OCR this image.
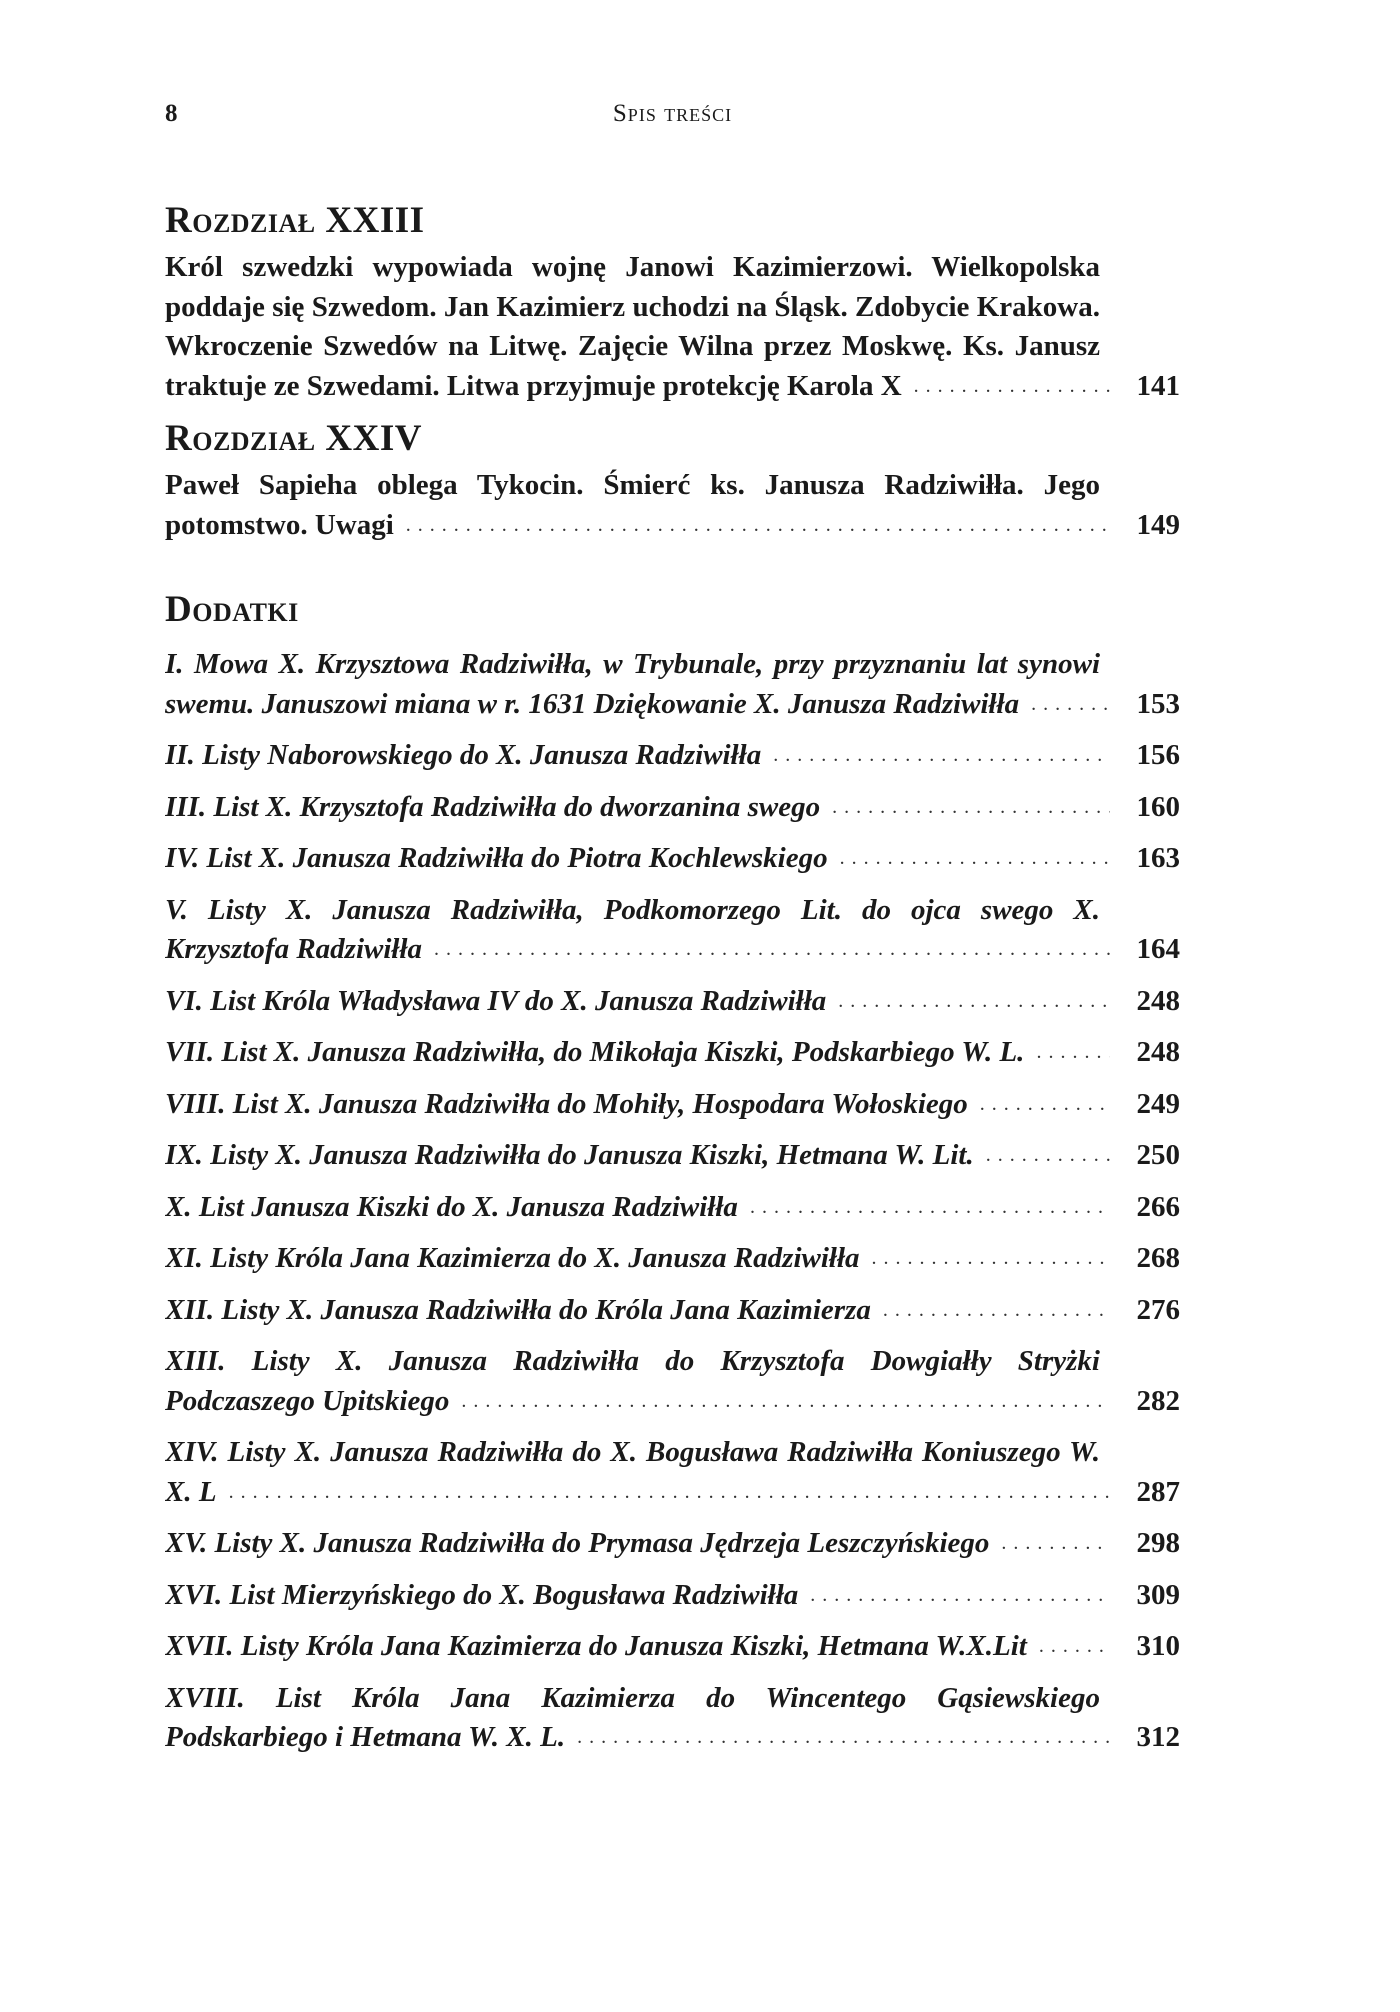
8	Spis treści
Rozdział XXIII
Król szwedzki wypowiada wojnę Janowi Kazimierzowi. Wielkopolska poddaje się Szwedom. Jan Kazimierz uchodzi na Śląsk. Zdobycie Krakowa. Wkroczenie Szwedów na Litwę. Zajęcie Wilna przez Moskwę. Ks. Janusz traktuje ze Szwedami. Litwa przyjmuje protekcję Karola X . . .	141
Rozdział XXIV
Paweł Sapieha oblega Tykocin. Śmierć ks. Janusza Radziwiłła. Jego potomstwo. Uwagi . . .	149
Dodatki
I. Mowa X. Krzysztowa Radziwiłła, w Trybunale, przy przyznaniu lat synowi swemu. Januszowi miana w r. 1631 Dziękowanie X. Janusza Radziwiłła . . .	153
II. Listy Naborowskiego do X. Janusza Radziwiłła . . .	156
III. List X. Krzysztofa Radziwiłła do dworzanina swego . . .	160
IV. List X. Janusza Radziwiłła do Piotra Kochlewskiego . . .	163
V. Listy X. Janusza Radziwiłła, Podkomorzego Lit. do ojca swego X. Krzysztofa Radziwiłła . . .	164
VI. List Króla Władysława IV do X. Janusza Radziwiłła . . .	248
VII. List X. Janusza Radziwiłła, do Mikołaja Kiszki, Podskarbiego W. L. . . .	248
VIII. List X. Janusza Radziwiłła do Mohiły, Hospodara Wołoskiego . . .	249
IX. Listy X. Janusza Radziwiłła do Janusza Kiszki, Hetmana W. Lit. . . .	250
X. List Janusza Kiszki do X. Janusza Radziwiłła . . .	266
XI. Listy Króla Jana Kazimierza do X. Janusza Radziwiłła . . .	268
XII. Listy X. Janusza Radziwiłła do Króla Jana Kazimierza . . .	276
XIII. Listy X. Janusza Radziwiłła do Krzysztofa Dowgiałły Stryżki Podczaszego Upitskiego . . .	282
XIV. Listy X. Janusza Radziwiłła do X. Bogusława Radziwiłła Koniuszego W. X. L . . .	287
XV. Listy X. Janusza Radziwiłła do Prymasa Jędrzeja Leszczyńskiego . . .	298
XVI. List Mierzyńskiego do X. Bogusława Radziwiłła . . .	309
XVII. Listy Króla Jana Kazimierza do Janusza Kiszki, Hetmana W.X.Lit . . .	310
XVIII. List Króla Jana Kazimierza do Wincentego Gąsiewskiego Podskarbiego i Hetmana W. X. L. . . .	312
